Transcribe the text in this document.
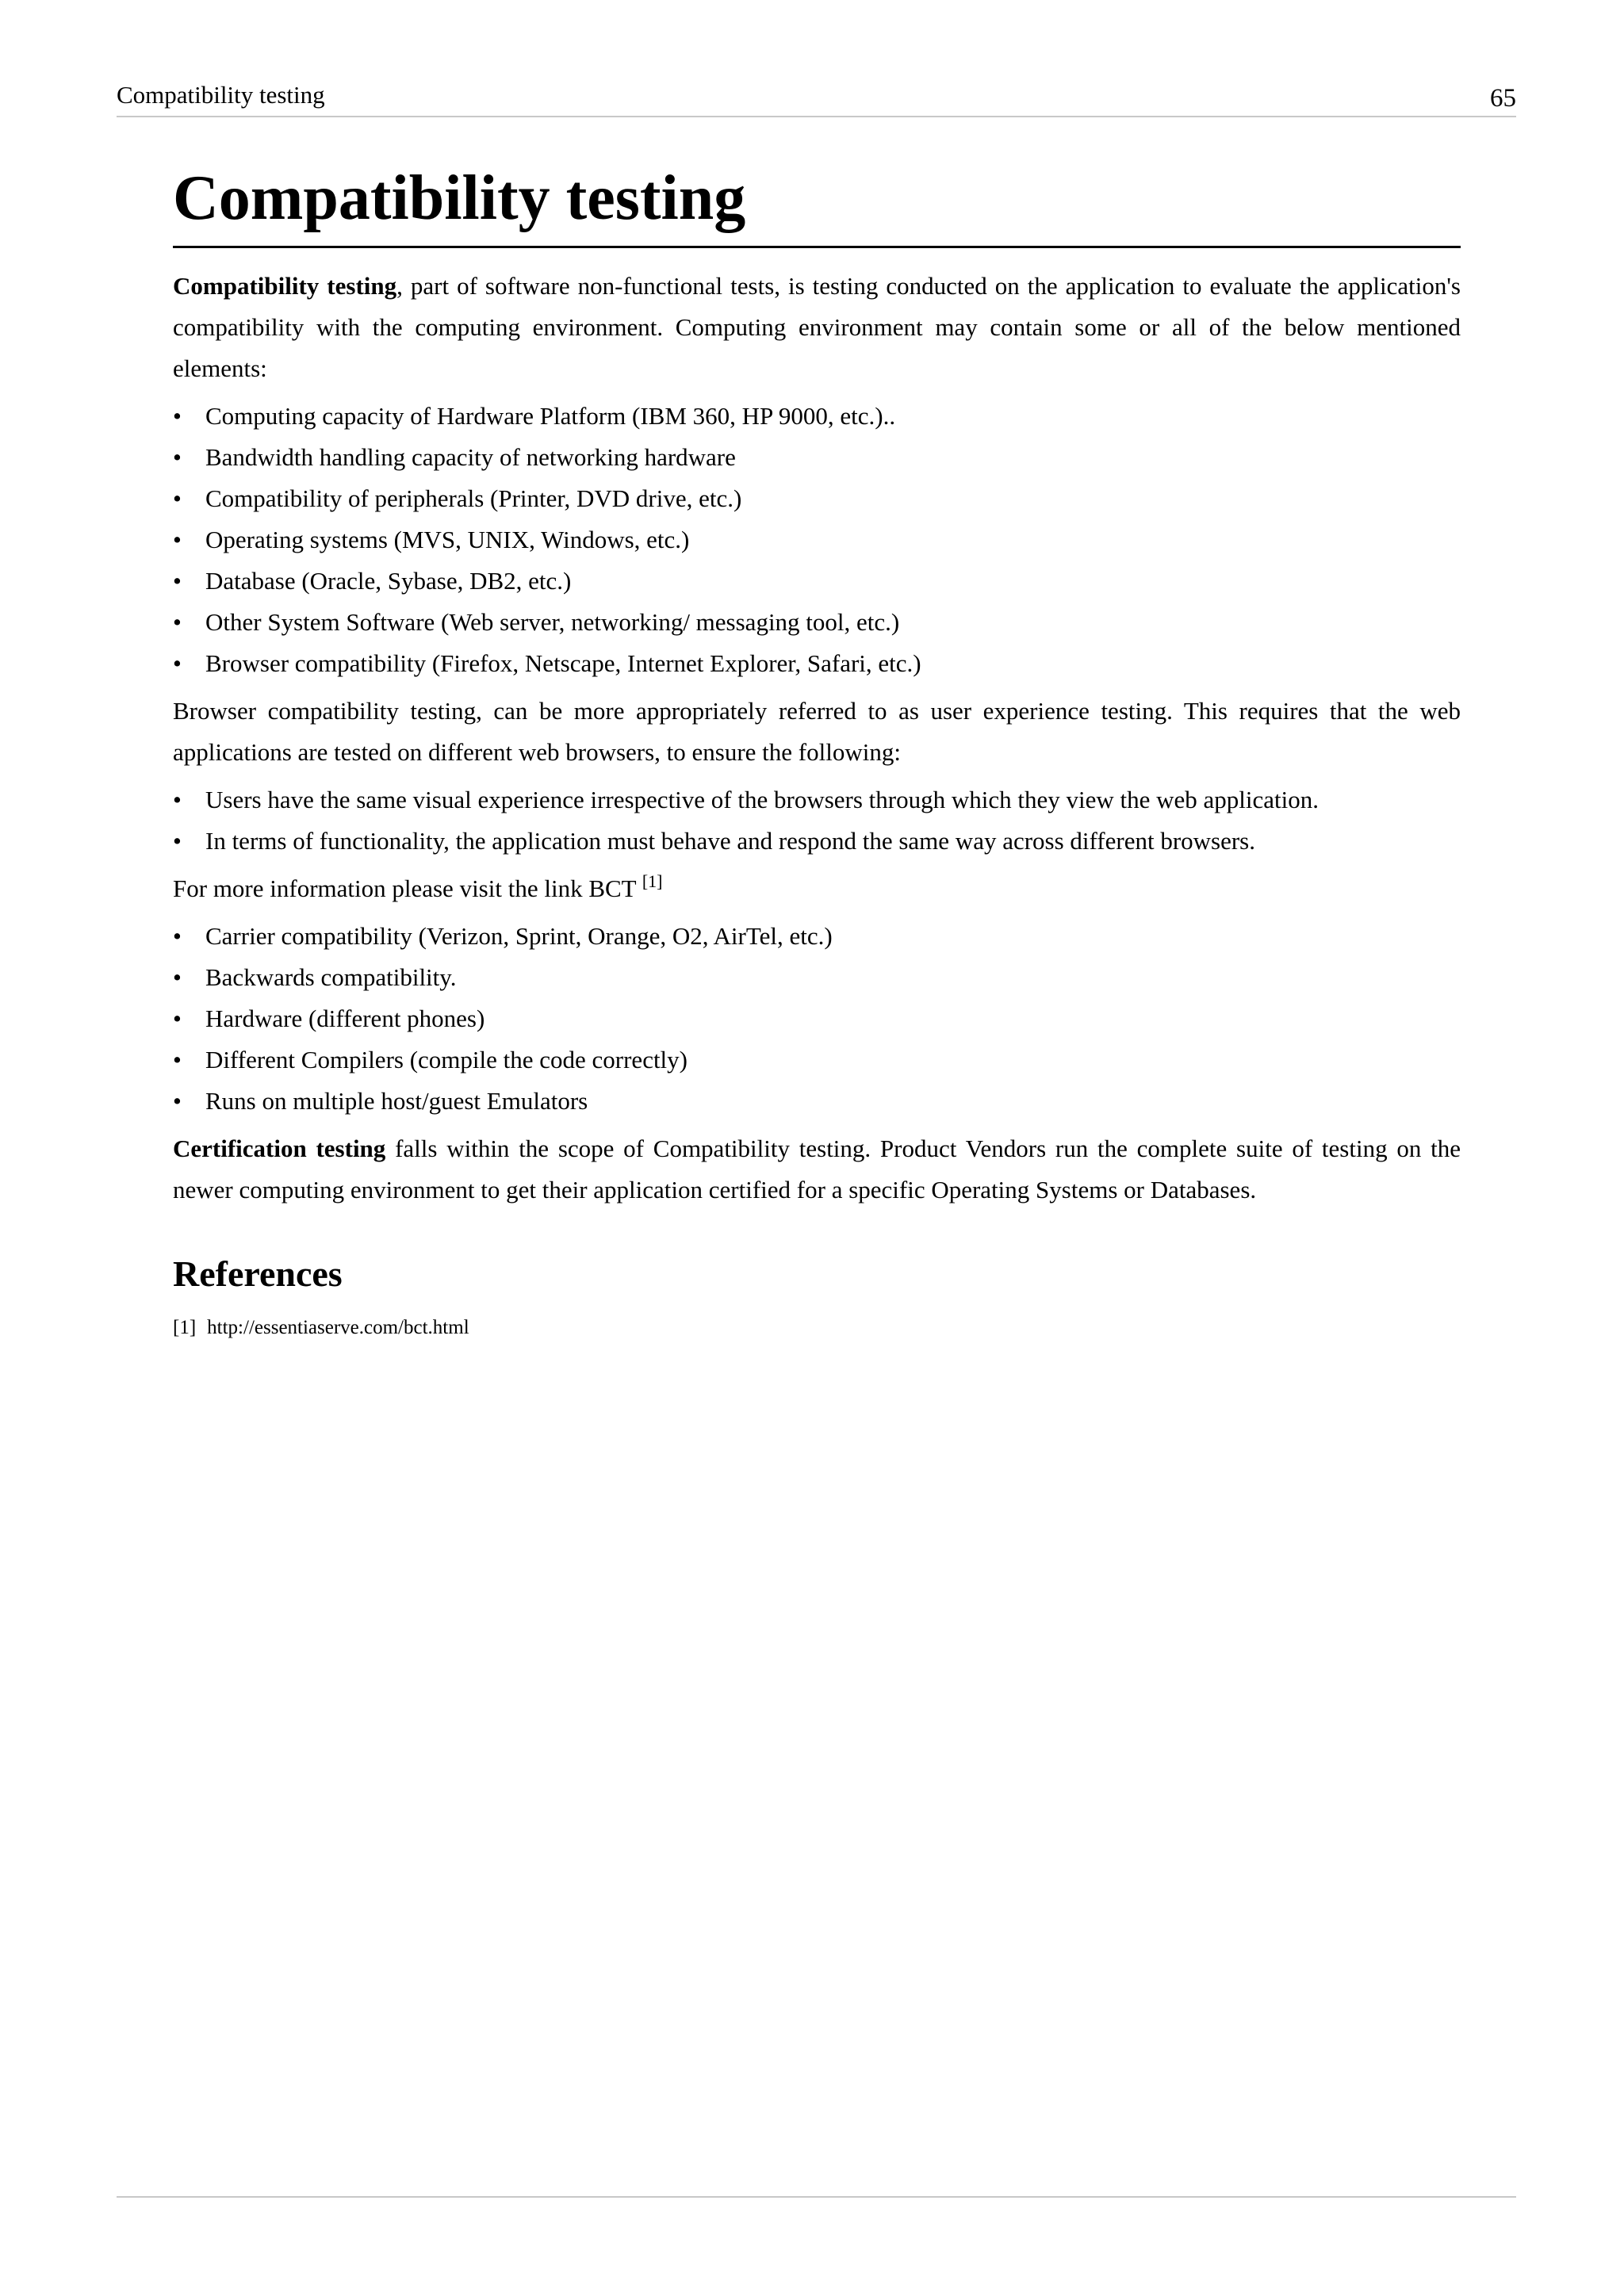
Compatibility testing	65
Compatibility testing

Compatibility testing, part of software non-functional tests, is testing conducted on the application to evaluate the application's compatibility with the computing environment. Computing environment may contain some or all of the below mentioned elements:

• Computing capacity of Hardware Platform (IBM 360, HP 9000, etc.)..
• Bandwidth handling capacity of networking hardware
• Compatibility of peripherals (Printer, DVD drive, etc.)
• Operating systems (MVS, UNIX, Windows, etc.)
• Database (Oracle, Sybase, DB2, etc.)
• Other System Software (Web server, networking/ messaging tool, etc.)
• Browser compatibility (Firefox, Netscape, Internet Explorer, Safari, etc.)

Browser compatibility testing, can be more appropriately referred to as user experience testing. This requires that the web applications are tested on different web browsers, to ensure the following:

• Users have the same visual experience irrespective of the browsers through which they view the web application.
• In terms of functionality, the application must behave and respond the same way across different browsers.

For more information please visit the link BCT [1]

• Carrier compatibility (Verizon, Sprint, Orange, O2, AirTel, etc.)
• Backwards compatibility.
• Hardware (different phones)
• Different Compilers (compile the code correctly)
• Runs on multiple host/guest Emulators

Certification testing falls within the scope of Compatibility testing. Product Vendors run the complete suite of testing on the newer computing environment to get their application certified for a specific Operating Systems or Databases.

References
[1] http://essentiaserve.com/bct.html
